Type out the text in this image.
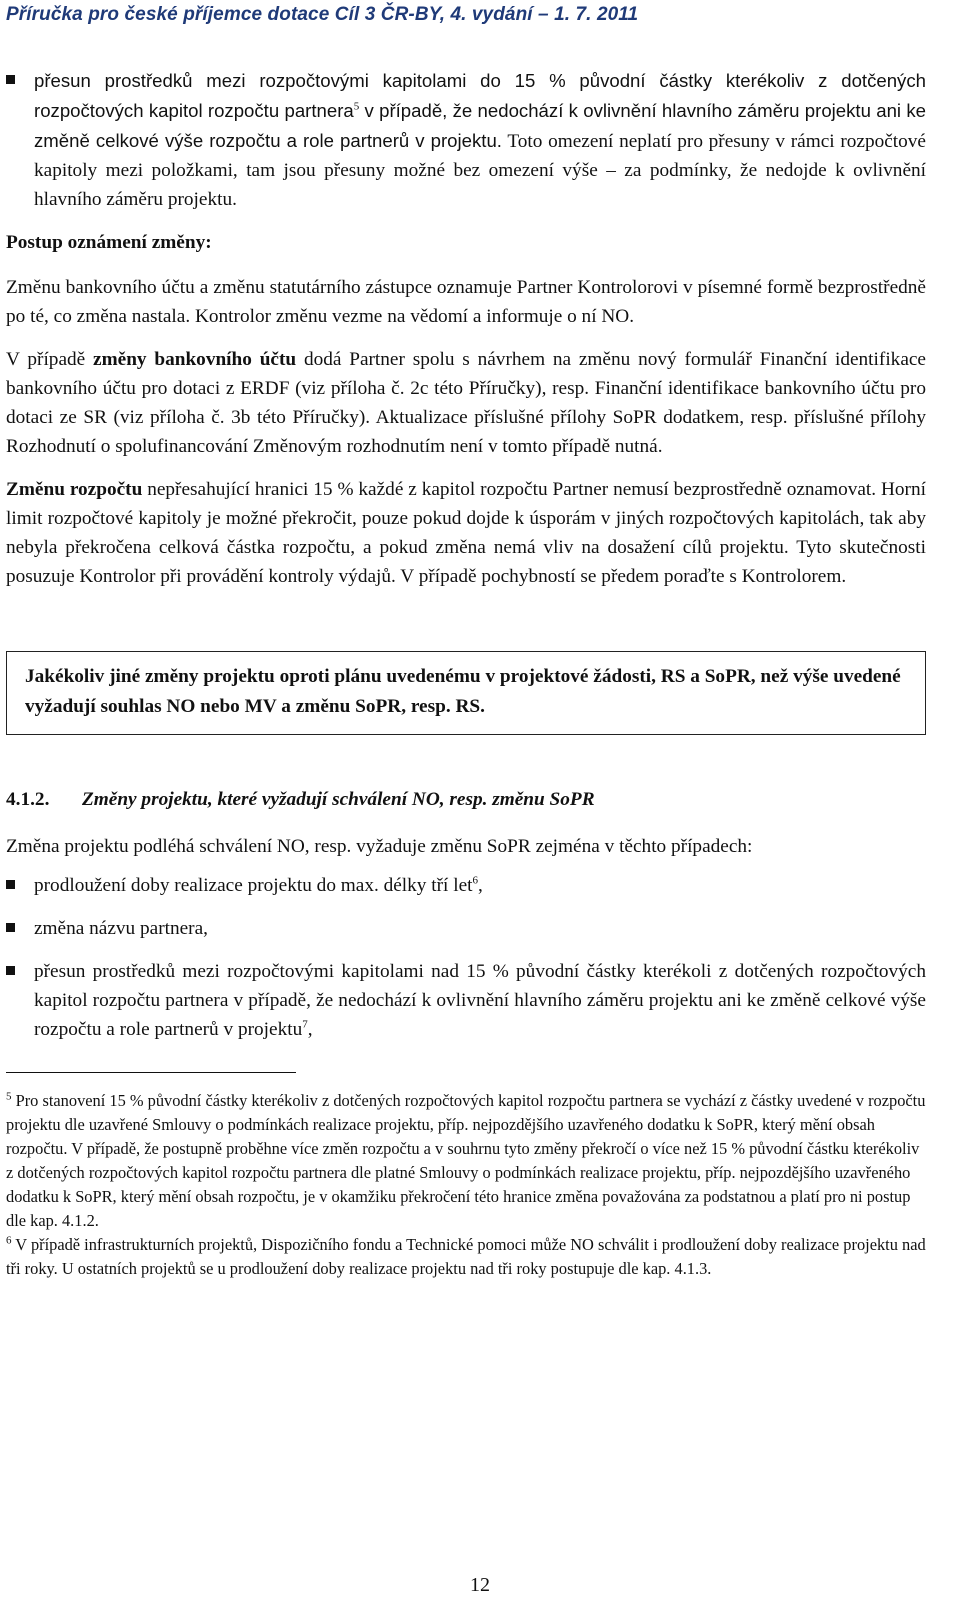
Příručka pro české příjemce dotace Cíl 3 ČR-BY, 4. vydání – 1. 7. 2011
přesun prostředků mezi rozpočtovými kapitolami do 15 % původní částky kterékoliv z dotčených rozpočtových kapitol rozpočtu partnera$^5$ v případě, že nedochází k ovlivnění hlavního záměru projektu ani ke změně celkové výše rozpočtu a role partnerů v projektu. Toto omezení neplatí pro přesuny v rámci rozpočtové kapitoly mezi položkami, tam jsou přesuny možné bez omezení výše – za podmínky, že nedojde k ovlivnění hlavního záměru projektu.

Postup oznámení změny:

Změnu bankovního účtu a změnu statutárního zástupce oznamuje Partner Kontrolorovi v písemné formě bezprostředně po té, co změna nastala. Kontrolor změnu vezme na vědomí a informuje o ní NO.

V případě změny bankovního účtu dodá Partner spolu s návrhem na změnu nový formulář Finanční identifikace bankovního účtu pro dotaci z ERDF (viz příloha č. 2c této Příručky), resp. Finanční identifikace bankovního účtu pro dotaci ze SR (viz příloha č. 3b této Příručky). Aktualizace příslušné přílohy SoPR dodatkem, resp. příslušné přílohy Rozhodnutí o spolufinancování Změnovým rozhodnutím není v tomto případě nutná.

Změnu rozpočtu nepřesahující hranici 15 % každé z kapitol rozpočtu Partner nemusí bezprostředně oznamovat. Horní limit rozpočtové kapitoly je možné překročit, pouze pokud dojde k úsporám v jiných rozpočtových kapitolách, tak aby nebyla překročena celková částka rozpočtu, a pokud změna nemá vliv na dosažení cílů projektu. Tyto skutečnosti posuzuje Kontrolor při provádění kontroly výdajů. V případě pochybností se předem poraďte s Kontrolorem.

Jakékoliv jiné změny projektu oproti plánu uvedenému v projektové žádosti, RS a SoPR, než výše uvedené vyžadují souhlas NO nebo MV a změnu SoPR, resp. RS.
4.1.2.	Změny projektu, které vyžadují schválení NO, resp. změnu SoPR

Změna projektu podléhá schválení NO, resp. vyžaduje změnu SoPR zejména v těchto případech:

prodloužení doby realizace projektu do max. délky tří let$^6$,
změna názvu partnera,
přesun prostředků mezi rozpočtovými kapitolami nad 15 % původní částky kterékoli z dotčených rozpočtových kapitol rozpočtu partnera v případě, že nedochází k ovlivnění hlavního záměru projektu ani ke změně celkové výše rozpočtu a role partnerů v projektu$^7$,

$^5$ Pro stanovení 15 % původní částky kterékoliv z dotčených rozpočtových kapitol rozpočtu partnera se vychází z částky uvedené v rozpočtu projektu dle uzavřené Smlouvy o podmínkách realizace projektu, příp. nejpozdějšího uzavřeného dodatku k SoPR, který mění obsah rozpočtu. V případě, že postupně proběhne více změn rozpočtu a v souhrnu tyto změny překročí o více než 15 % původní částku kterékoliv z dotčených rozpočtových kapitol rozpočtu partnera dle platné Smlouvy o podmínkách realizace projektu, příp. nejpozdějšího uzavřeného dodatku k SoPR, který mění obsah rozpočtu, je v okamžiku překročení této hranice změna považována za podstatnou a platí pro ni postup dle kap. 4.1.2.

$^6$ V případě infrastrukturních projektů, Dispozičního fondu a Technické pomoci může NO schválit i prodloužení doby realizace projektu nad tři roky. U ostatních projektů se u prodloužení doby realizace projektu nad tři roky postupuje dle kap. 4.1.3.

12
